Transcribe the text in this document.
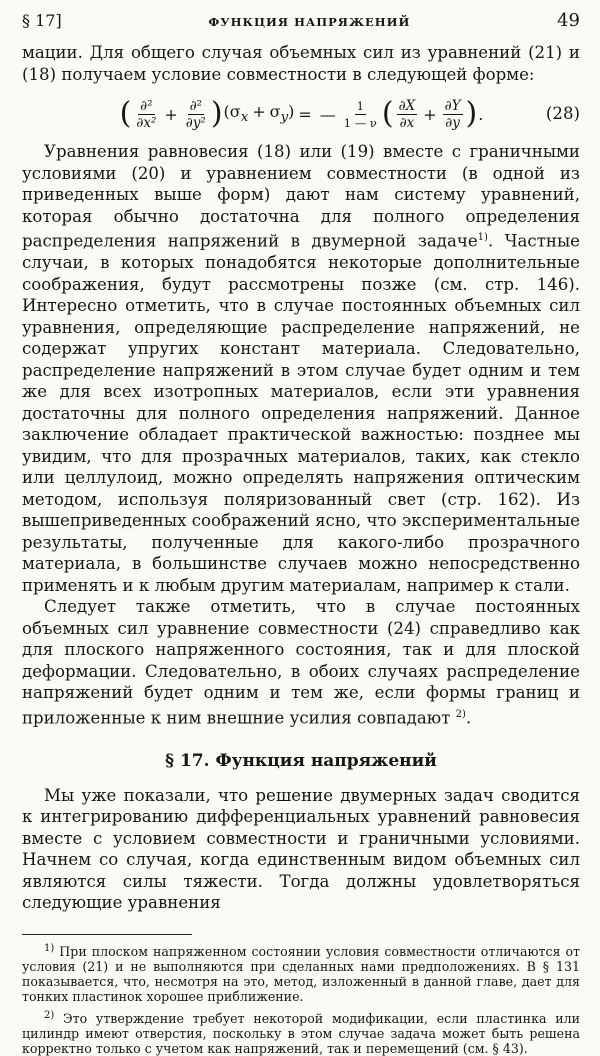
§ 17]	ФУНКЦИЯ НАПРЯЖЕНИЙ	49

мации. Для общего случая объемных сил из уравнений (21) и (18) получаем условие совместности в следующей форме:

( $\frac{\text{∂²}}{\text{∂x²}} + \frac{\text{∂²}}{\text{∂y²}}$ ) $(\sigma_x + \sigma_y)$ = — $\frac{1}{1 — \nu}$ ( $\frac{\partial X}{\partial x} + \frac{\partial Y}{\partial y}$ ) .	(28)

Уравнения равновесия (18) или (19) вместе с граничными условиями (20) и уравнением совместности (в одной из приведенных выше форм) дают нам систему уравнений, которая обычно достаточна для полного определения распределения напряжений в двумерной задаче$^{1)}$. Частные случаи, в которых понадобятся некоторые дополнительные соображения, будут рассмотрены позже (см. стр. 146). Интересно отметить, что в случае постоянных объемных сил уравнения, определяющие распределение напряжений, не содержат упругих констант материала. Следовательно, распределение напряжений в этом случае будет одним и тем же для всех изотропных материалов, если эти уравнения достаточны для полного определения напряжений. Данное заключение обладает практической важностью: позднее мы увидим, что для прозрачных материалов, таких, как стекло или целлулоид, можно определять напряжения оптическим методом, используя поляризованный свет (стр. 162). Из вышеприведенных соображений ясно, что экспериментальные результаты, полученные для какого-либо прозрачного материала, в большинстве случаев можно непосредственно применять и к любым другим материалам, например к стали.

Следует также отметить, что в случае постоянных объемных сил уравнение совместности (24) справедливо как для плоского напряженного состояния, так и для плоской деформации. Следовательно, в обоих случаях распределение напряжений будет одним и тем же, если формы границ и приложенные к ним внешние усилия совпадают $^{2)}$.

§ 17. Функция напряжений

Мы уже показали, что решение двумерных задач сводится к интегрированию дифференциальных уравнений равновесия вместе с условием совместности и граничными условиями. Начнем со случая, когда единственным видом объемных сил являются силы тяжести. Тогда должны удовлетворяться следующие уравнения

$^{1)}$ При плоском напряженном состоянии условия совместности отличаются от условия (21) и не выполняются при сделанных нами предположениях. В § 131 показывается, что, несмотря на это, метод, изложенный в данной главе, дает для тонких пластинок хорошее приближение.

$^{2)}$ Это утверждение требует некоторой модификации, если пластинка или цилиндр имеют отверстия, поскольку в этом случае задача может быть решена корректно только с учетом как напряжений, так и перемещений (см. § 43).
